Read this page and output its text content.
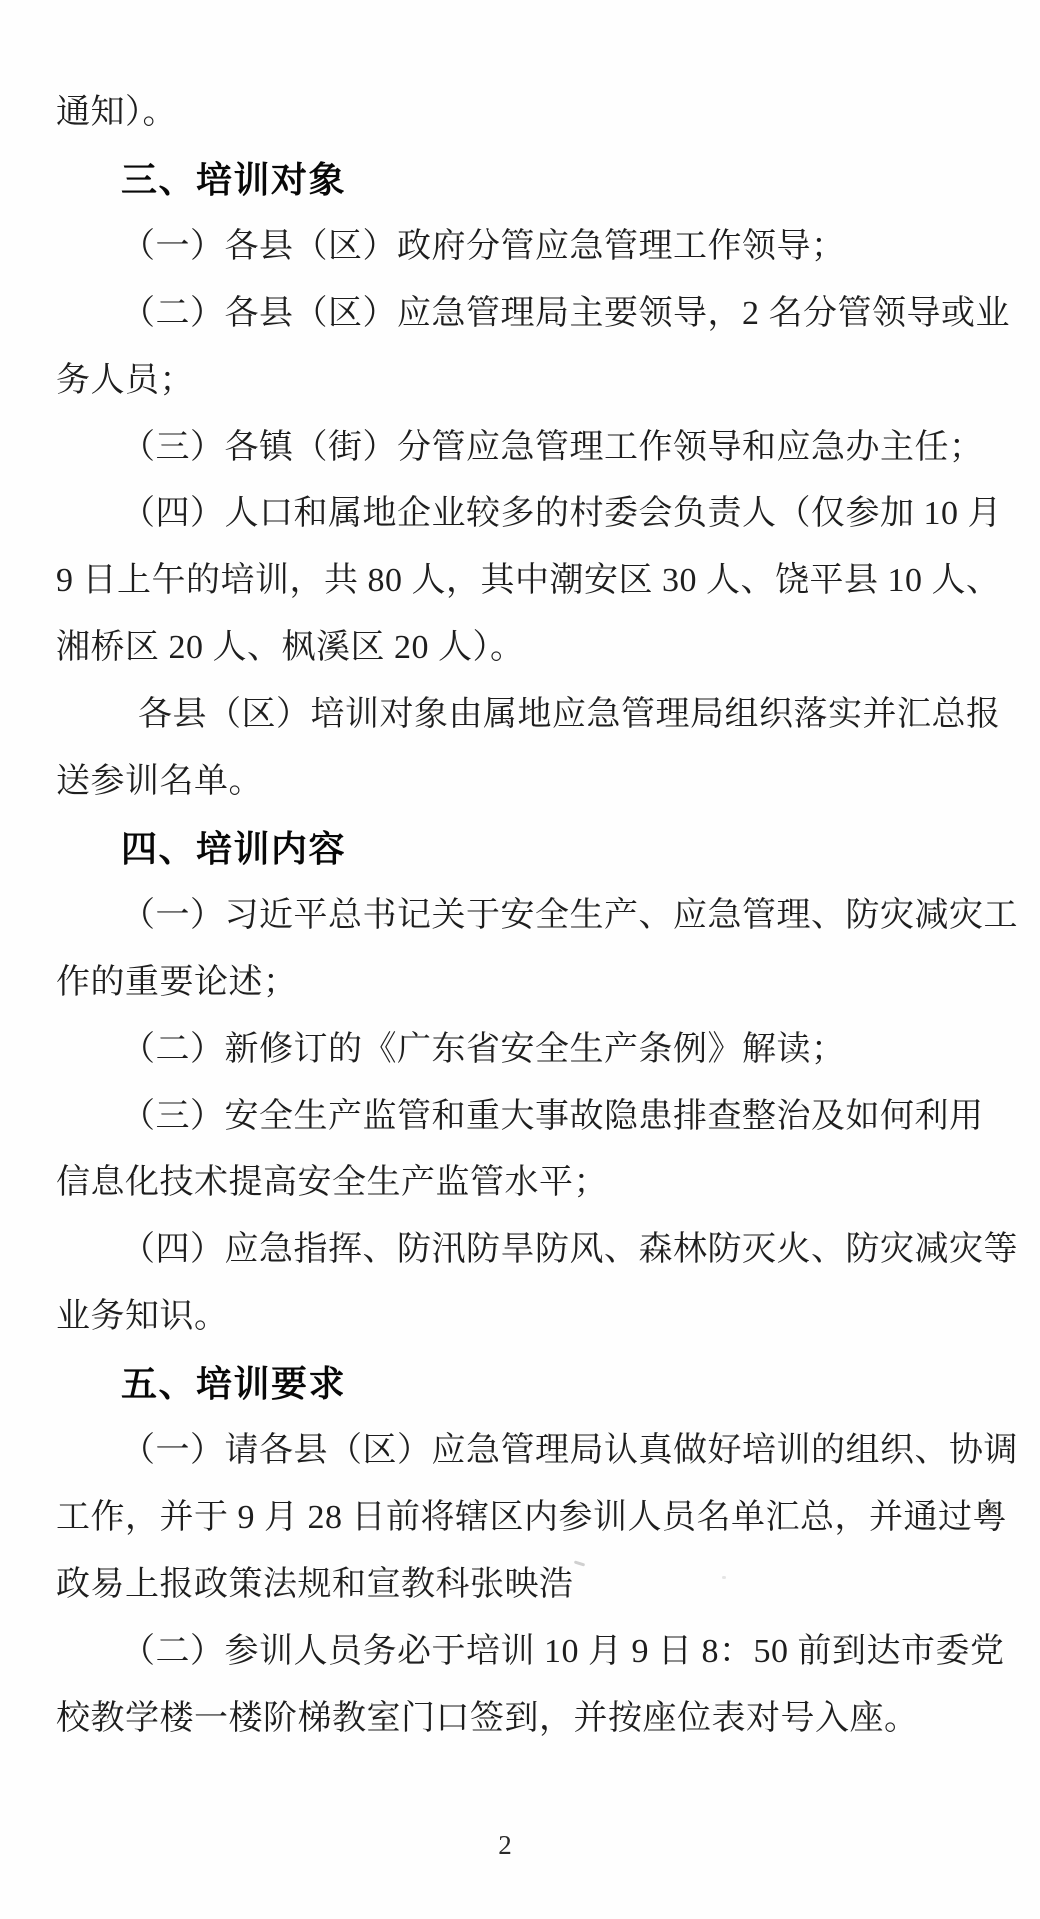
通知）。
三、培训对象
（一）各县（区）政府分管应急管理工作领导；
（二）各县（区）应急管理局主要领导，2 名分管领导或业
务人员；
（三）各镇（街）分管应急管理工作领导和应急办主任；
（四）人口和属地企业较多的村委会负责人（仅参加 10 月
9 日上午的培训，共 80 人，其中潮安区 30 人、饶平县 10 人、
湘桥区 20 人、枫溪区 20 人）。
各县（区）培训对象由属地应急管理局组织落实并汇总报
送参训名单。
四、培训内容
（一）习近平总书记关于安全生产、应急管理、防灾减灾工
作的重要论述；
（二）新修订的《广东省安全生产条例》解读；
（三）安全生产监管和重大事故隐患排查整治及如何利用
信息化技术提高安全生产监管水平；
（四）应急指挥、防汛防旱防风、森林防灭火、防灾减灾等
业务知识。
五、培训要求
（一）请各县（区）应急管理局认真做好培训的组织、协调
工作，并于 9 月 28 日前将辖区内参训人员名单汇总，并通过粤
政易上报政策法规和宣教科张映浩
（二）参训人员务必于培训 10 月 9 日 8：50 前到达市委党
校教学楼一楼阶梯教室门口签到，并按座位表对号入座。
2
